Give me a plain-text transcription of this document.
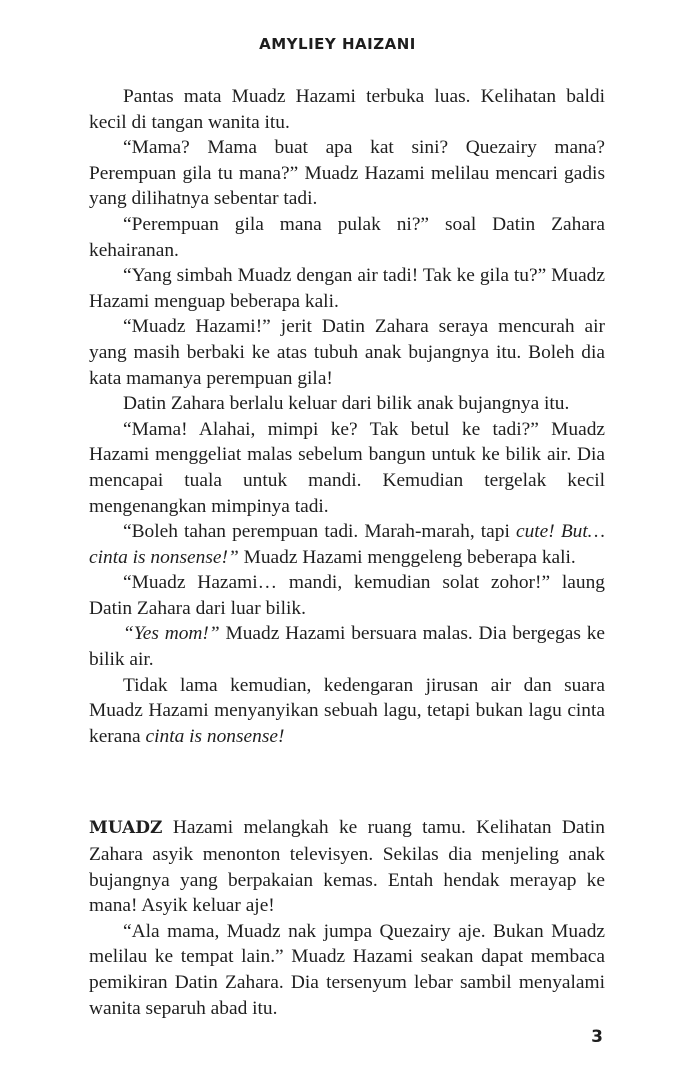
AMYLIEY HAIZANI

Pantas mata Muadz Hazami terbuka luas. Kelihatan baldi kecil di tangan wanita itu.

“Mama? Mama buat apa kat sini? Quezairy mana? Perempuan gila tu mana?” Muadz Hazami melilau mencari gadis yang dilihatnya sebentar tadi.

“Perempuan gila mana pulak ni?” soal Datin Zahara kehairanan.

“Yang simbah Muadz dengan air tadi! Tak ke gila tu?” Muadz Hazami menguap beberapa kali.

“Muadz Hazami!” jerit Datin Zahara seraya mencurah air yang masih berbaki ke atas tubuh anak bujangnya itu. Boleh dia kata mamanya perempuan gila!

Datin Zahara berlalu keluar dari bilik anak bujangnya itu.

“Mama! Alahai, mimpi ke? Tak betul ke tadi?” Muadz Hazami menggeliat malas sebelum bangun untuk ke bilik air. Dia mencapai tuala untuk mandi. Kemudian tergelak kecil mengenangkan mimpinya tadi.

“Boleh tahan perempuan tadi. Marah-marah, tapi cute! But… cinta is nonsense!” Muadz Hazami menggeleng beberapa kali.

“Muadz Hazami… mandi, kemudian solat zohor!” laung Datin Zahara dari luar bilik.

“Yes mom!” Muadz Hazami bersuara malas. Dia bergegas ke bilik air.

Tidak lama kemudian, kedengaran jirusan air dan suara Muadz Hazami menyanyikan sebuah lagu, tetapi bukan lagu cinta kerana cinta is nonsense!

MUADZ Hazami melangkah ke ruang tamu. Kelihatan Datin Zahara asyik menonton televisyen. Sekilas dia menjeling anak bujangnya yang berpakaian kemas. Entah hendak merayap ke mana! Asyik keluar aje!

“Ala mama, Muadz nak jumpa Quezairy aje. Bukan Muadz melilau ke tempat lain.” Muadz Hazami seakan dapat membaca pemikiran Datin Zahara. Dia tersenyum lebar sambil menyalami wanita separuh abad itu.

3
